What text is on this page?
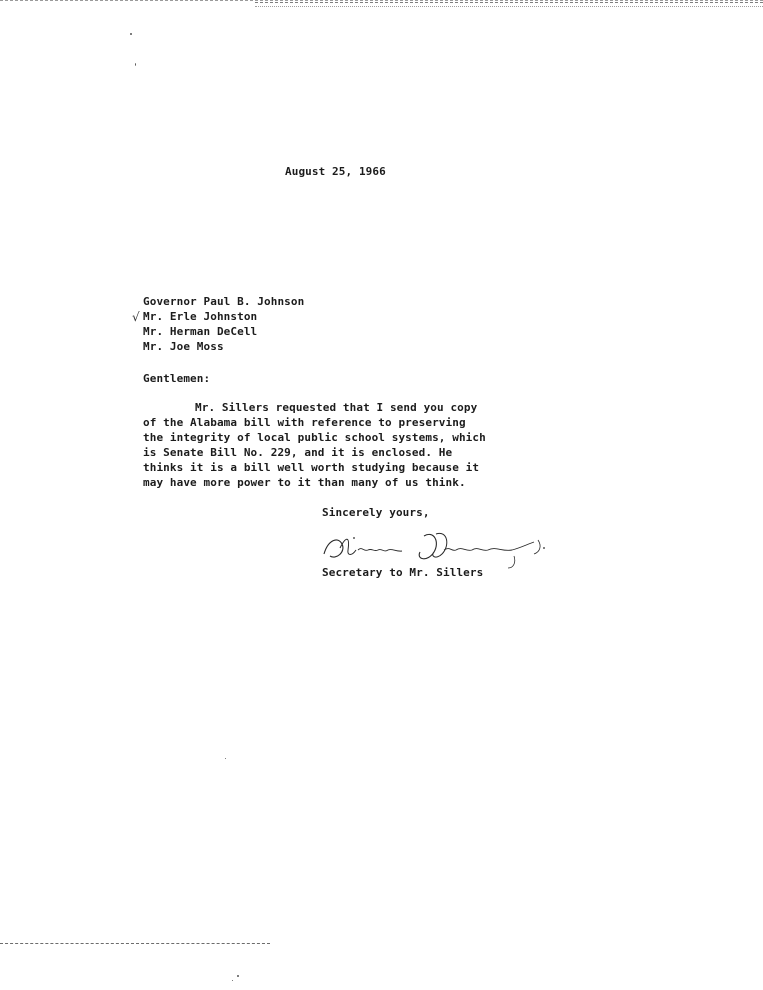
August 25, 1966
√
Governor Paul B. Johnson
Mr. Erle Johnston
Mr. Herman DeCell
Mr. Joe Moss
Gentlemen:
Mr. Sillers requested that I send you copy
of the Alabama bill with reference to preserving
the integrity of local public school systems, which
is Senate Bill No. 229, and it is enclosed. He
thinks it is a bill well worth studying because it
may have more power to it than many of us think.
Sincerely yours,
Secretary to Mr. Sillers
